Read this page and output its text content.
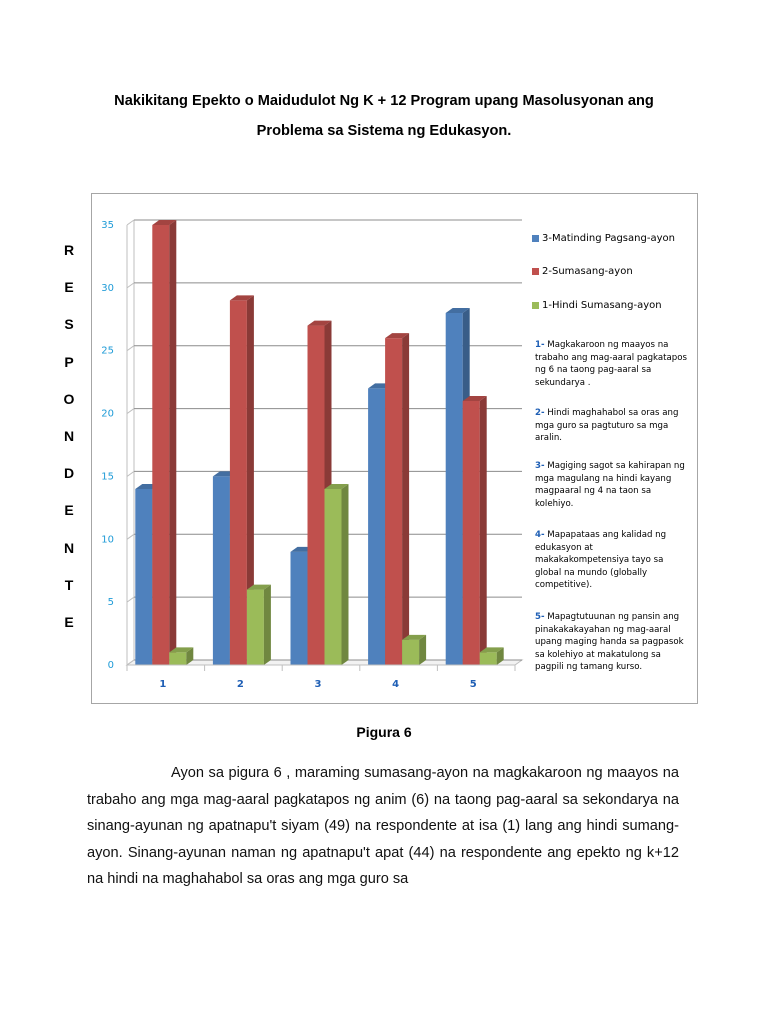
Nakikitang Epekto o Maidudulot Ng K + 12 Program upang Masolusyonan ang
Problema sa Sistema ng Edukasyon.
R
E
S
P
O
N
D
E
N
T
E
0
5
10
15
20
25
30
35
1	2	3	4	5
3-Matinding Pagsang-ayon
2-Sumasang-ayon
1-Hindi Sumasang-ayon
1- Magkakaroon ng maayos na trabaho ang mag-aaral pagkatapos ng 6 na taong pag-aaral sa sekundarya .
2- Hindi maghahabol sa oras ang mga guro sa pagtuturo sa mga aralin.
3- Magiging sagot sa kahirapan ng mga magulang na hindi kayang magpaaral ng 4 na taon sa kolehiyo.
4- Mapapataas ang kalidad ng edukasyon at makakakompetensiya tayo sa global na mundo (globally competitive).
5- Mapagtutuunan ng pansin ang pinakakakayahan ng mag-aaral upang maging handa sa pagpasok sa kolehiyo at makatulong sa pagpili ng tamang kurso.
Pigura 6

Ayon sa pigura 6 , maraming sumasang-ayon na magkakaroon ng maayos na trabaho ang mga mag-aaral pagkatapos ng anim (6) na taong pag-aaral sa sekondarya na sinang-ayunan ng apatnapu't siyam (49) na respondente at isa (1) lang ang hindi sumang-ayon. Sinang-ayunan naman ng apatnapu't apat (44) na respondente ang epekto ng k+12 na hindi na maghahabol sa oras ang mga guro sa
